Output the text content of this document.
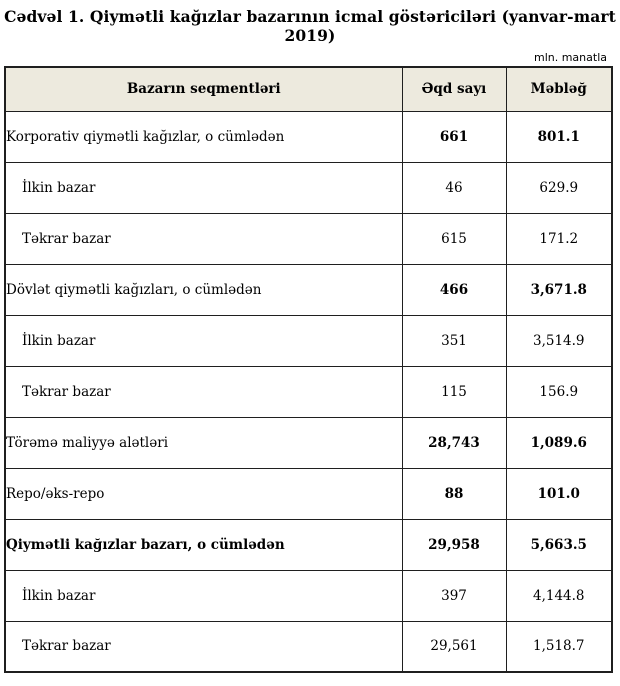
Cədvəl 1. Qiymətli kağızlar bazarının icmal göstəriciləri (yanvar-mart 2019)
mln. manatla
Bazarın seqmentləri	Əqd sayı	Məbləğ
Korporativ qiymətli kağızlar, o cümlədən	661	801.1
İlkin bazar	46	629.9
Təkrar bazar	615	171.2
Dövlət qiymətli kağızları, o cümlədən	466	3,671.8
İlkin bazar	351	3,514.9
Təkrar bazar	115	156.9
Törəmə maliyyə alətləri	28,743	1,089.6
Repo/əks-repo	88	101.0
Qiymətli kağızlar bazarı, o cümlədən	29,958	5,663.5
İlkin bazar	397	4,144.8
Təkrar bazar	29,561	1,518.7
